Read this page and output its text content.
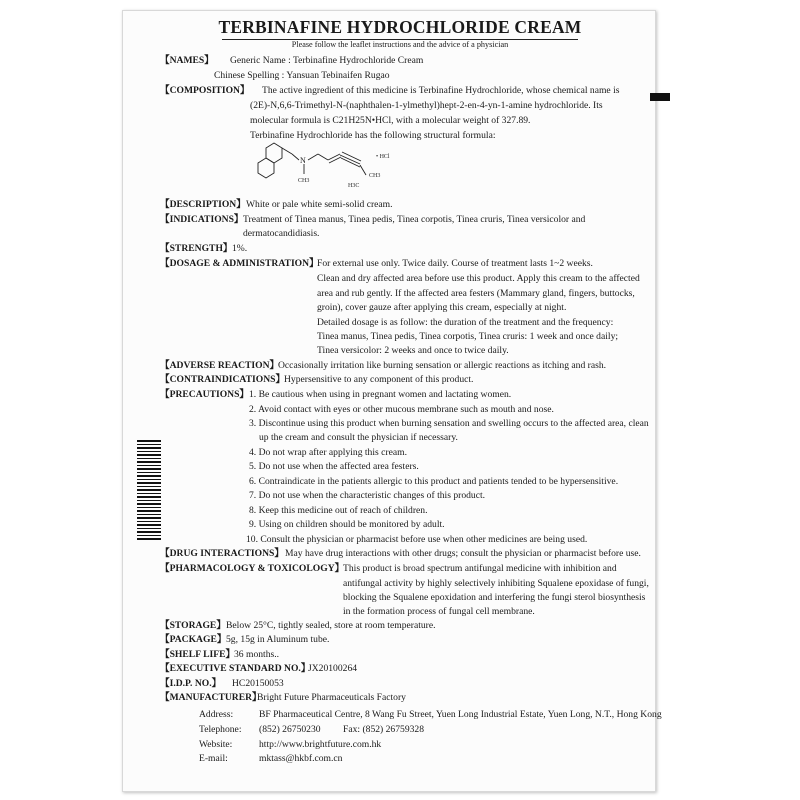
TERBINAFINE HYDROCHLORIDE CREAM
Please follow the leaflet instructions and the advice of a physician
【NAMES】 Generic Name : Terbinafine Hydrochloride Cream
Chinese Spelling : Yansuan Tebinaifen Rugao
【COMPOSITION】 The active ingredient of this medicine is Terbinafine Hydrochloride, whose chemical name is
(2E)-N,6,6-Trimethyl-N-(naphthalen-1-ylmethyl)hept-2-en-4-yn-1-amine hydrochloride. Its
molecular formula is C21H25N•HCl, with a molecular weight of 327.89.
Terbinafine Hydrochloride has the following structural formula:
N
CH3
• HCl
H3C
CH3
【DESCRIPTION】 White or pale white semi-solid cream.
【INDICATIONS】 Treatment of Tinea manus, Tinea pedis, Tinea corpotis, Tinea cruris, Tinea versicolor and
dermatocandidiasis.
【STRENGTH】 1%.
【DOSAGE & ADMINISTRATION】
For external use only. Twice daily. Course of treatment lasts 1~2 weeks.
Clean and dry affected area before use this product. Apply this cream to the affected
area and rub gently. If the affected area festers (Mammary gland, fingers, buttocks,
groin), cover gauze after applying this cream, especially at night.
Detailed dosage is as follow: the duration of the treatment and the frequency:
Tinea manus, Tinea pedis, Tinea corpotis, Tinea cruris: 1 week and once daily;
Tinea versicolor: 2 weeks and once to twice daily.
【ADVERSE REACTION】
Occasionally irritation like burning sensation or allergic reactions as itching and rash.
【CONTRAINDICATIONS】
Hypersensitive to any component of this product.
【PRECAUTIONS】 1. Be cautious when using in pregnant women and lactating women.
2. Avoid contact with eyes or other mucous membrane such as mouth and nose.
3. Discontinue using this product when burning sensation and swelling occurs to the affected area, clean
up the cream and consult the physician if necessary.
4. Do not wrap after applying this cream.
5. Do not use when the affected area festers.
6. Contraindicate in the patients allergic to this product and patients tended to be hypersensitive.
7. Do not use when the characteristic changes of this product.
8. Keep this medicine out of reach of children.
9. Using on children should be monitored by adult.
10. Consult the physician or pharmacist before use when other medicines are being used.
【DRUG INTERACTIONS】 May have drug interactions with other drugs; consult the physician or pharmacist before use.
【PHARMACOLOGY & TOXICOLOGY】
This product is broad spectrum antifungal medicine with inhibition and
antifungal activity by highly selectively inhibiting Squalene epoxidase of fungi,
blocking the Squalene epoxidation and interfering the fungi sterol biosynthesis
in the formation process of fungal cell membrane.
【STORAGE】 Below 25°C, tightly sealed, store at room temperature.
【PACKAGE】 5g, 15g in Aluminum tube.
【SHELF LIFE】
36 months..
【EXECUTIVE STANDARD NO.】
JX20100264
【I.D.P. NO.】 HC20150053
【MANUFACTURER】
Bright Future Pharmaceuticals Factory
Address:	BF Pharmaceutical Centre, 8 Wang Fu Street, Yuen Long Industrial Estate, Yuen Long, N.T., Hong Kong
Telephone: (852) 26750230 Fax: (852) 26759328
Website:	http://www.brightfuture.com.hk
E-mail:	mktass@hkbf.com.cn
